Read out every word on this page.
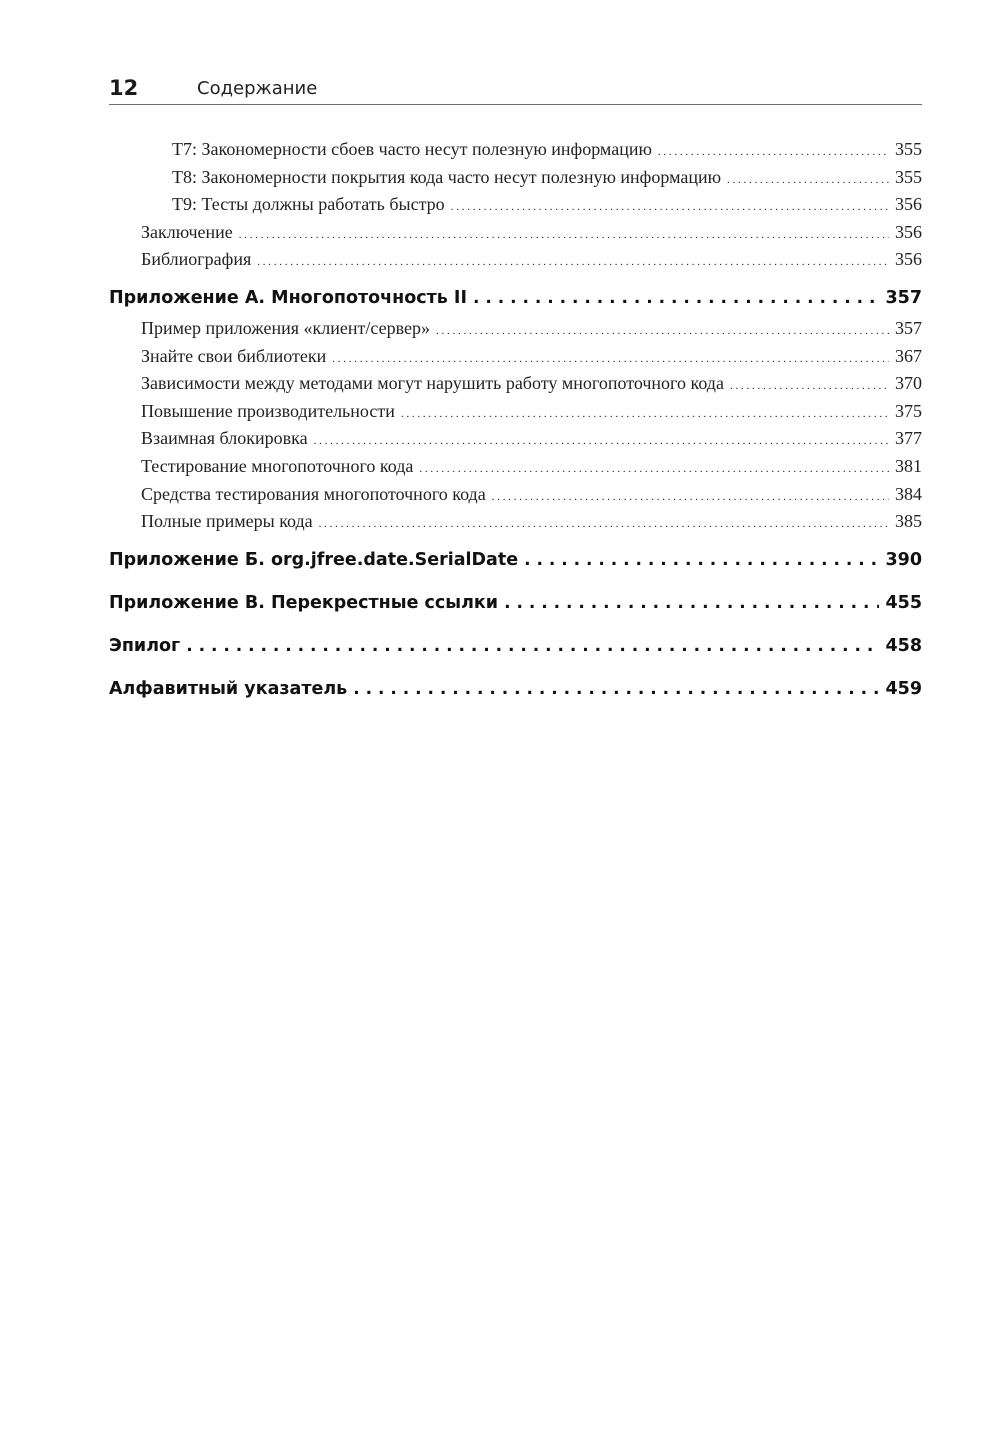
12	Содержание
T7: Закономерности сбоев часто несут полезную информацию . . .	355
T8: Закономерности покрытия кода часто несут полезную информацию . . .	355
T9: Тесты должны работать быстро . . .	356
Заключение . . .	356
Библиография . . .	356
Приложение А. Многопоточность II . . .	357
Пример приложения «клиент/сервер» . . .	357
Знайте свои библиотеки . . .	367
Зависимости между методами могут нарушить работу многопоточного кода . . .	370
Повышение производительности . . .	375
Взаимная блокировка . . .	377
Тестирование многопоточного кода . . .	381
Средства тестирования многопоточного кода . . .	384
Полные примеры кода . . .	385
Приложение Б. org.jfree.date.SerialDate . . .	390
Приложение В. Перекрестные ссылки . . .	455
Эпилог . . .	458
Алфавитный указатель . . .	459
